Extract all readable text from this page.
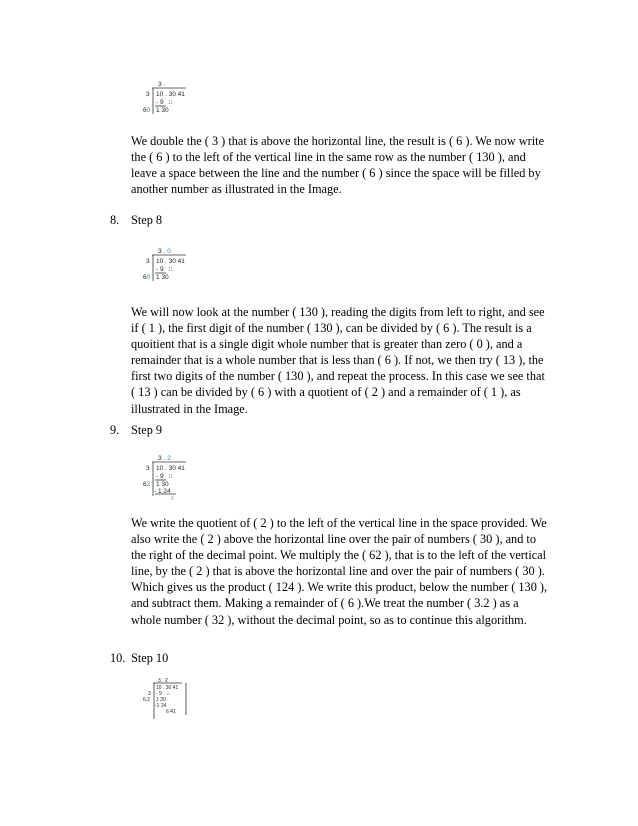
3 .
3 10 . 30 41
- 9 11
60 1 30

We double the ( 3 ) that is above the horizontal line, the result is ( 6 ). We now write the ( 6 ) to the left of the vertical line in the same row as the number ( 130 ), and leave a space between the line and the number ( 6 ) since the space will be filled by another number as illustrated in the Image.

8. Step 8
3 . 0
3 10 . 30 41
- 9 11
60 1 30

We will now look at the number ( 130 ), reading the digits from left to right, and see if ( 1 ), the first digit of the number ( 130 ), can be divided by ( 6 ). The result is a quoitient that is a single digit whole number that is greater than zero ( 0 ), and a remainder that is a whole number that is less than ( 6 ). If not, we then try ( 13 ), the first two digits of the number ( 130 ), and repeat the process. In this case we see that ( 13 ) can be divided by ( 6 ) with a quotient of ( 2 ) and a remainder of ( 1 ), as illustrated in the Image.

9. Step 9
3 . 2
3 10 . 30 41
- 9 11
62 1 30
- 1 24
6

We write the quotient of ( 2 ) to the left of the vertical line in the space provided. We also write the ( 2 ) above the horizontal line over the pair of numbers ( 30 ), and to the right of the decimal point. We multiply the ( 62 ), that is to the left of the vertical line, by the ( 2 ) that is above the horizontal line and over the pair of numbers ( 30 ). Which gives us the product ( 124 ). We write this product, below the number ( 130 ), and subtract them. Making a remainder of ( 6 ).We treat the number ( 3.2 ) as a whole number ( 32 ), without the decimal point, so as to continue this algorithm.

10. Step 10
3 . 2
10 . 30 41
3 - 9 11
6.2 1 30
-1 24
6 41
